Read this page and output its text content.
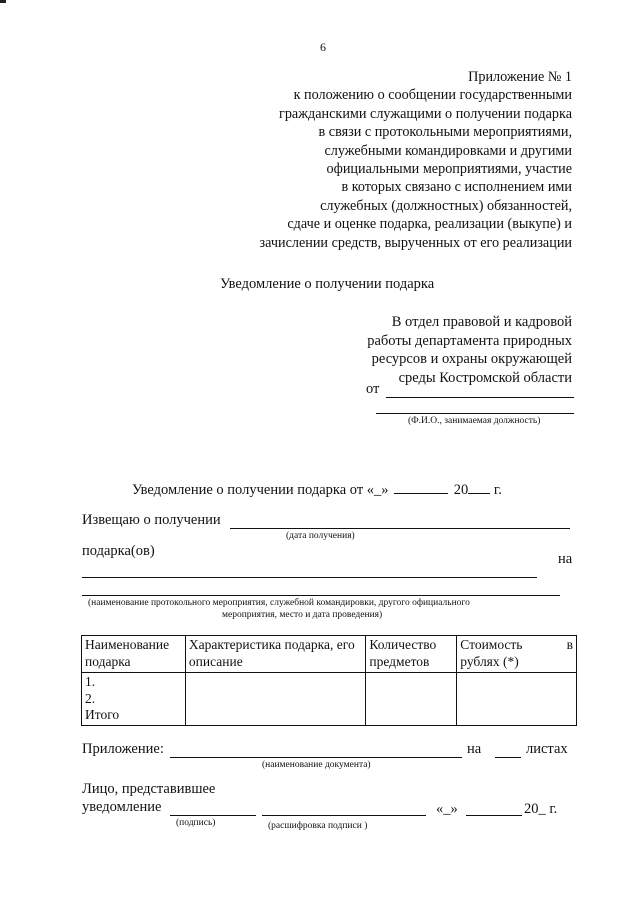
6
Приложение № 1
к положению о сообщении государственными
гражданскими служащими о получении подарка
в связи с протокольными мероприятиями,
служебными командировками и другими
официальными мероприятиями, участие
в которых связано с исполнением ими
служебных (должностных) обязанностей,
сдаче и оценке подарка, реализации (выкупе) и
зачислении средств, вырученных от его реализации
Уведомление о получении подарка
В отдел правовой и кадровой
работы департамента природных
ресурсов и охраны окружающей
среды Костромской области
от
(Ф.И.О., занимаемая должность)
Уведомление о получении подарка от «_»	20 г.
Извещаю о получении
(дата получения)
подарка(ов)	на
(наименование протокольного мероприятия, служебной командировки, другого официального
мероприятия, место и дата проведения)
Наименование подарка	Характеристика подарка, его описание	Количество предметов	Стоимость в
рублях (*)

1.
2.
Итого			

Приложение:	на	листах
(наименование документа)
Лицо, представившее
уведомление	«_»	20_ г.
(подпись)	(расшифровка подписи )
